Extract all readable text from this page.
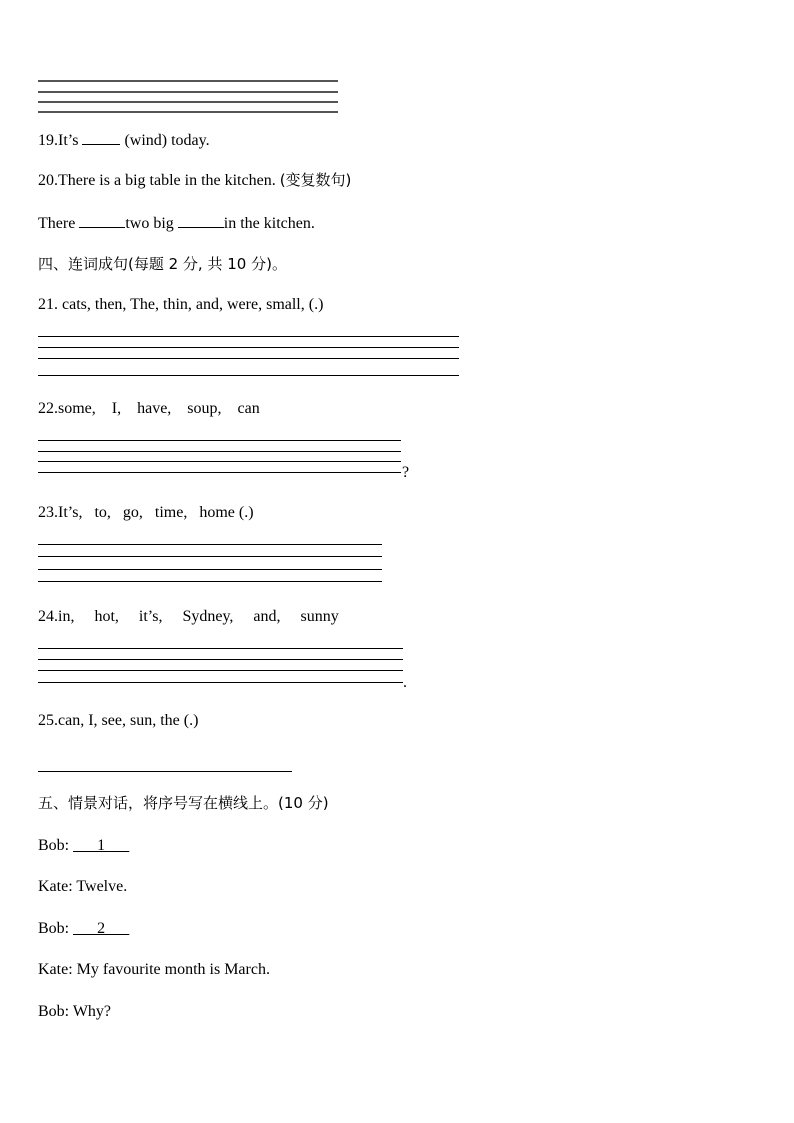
19.It’s  (wind) today.

20.There is a big table in the kitchen. (变复数句)

There	two big	in the kitchen.

四、连词成句(每题 2 分, 共 10 分)。

21. cats, then, The, thin, and, were, small, (.)

22.some,    I,    have,    soup,    can

?

23.It’s,   to,   go,   time,   home (.)

24.in,     hot,     it’s,     Sydney,     and,     sunny

.

25.can, I, see, sun, the (.)

五、情景对话，将序号写在横线上。(10 分)

Bob: ___1___

Kate: Twelve.

Bob: ___2___

Kate: My favourite month is March.

Bob: Why?
